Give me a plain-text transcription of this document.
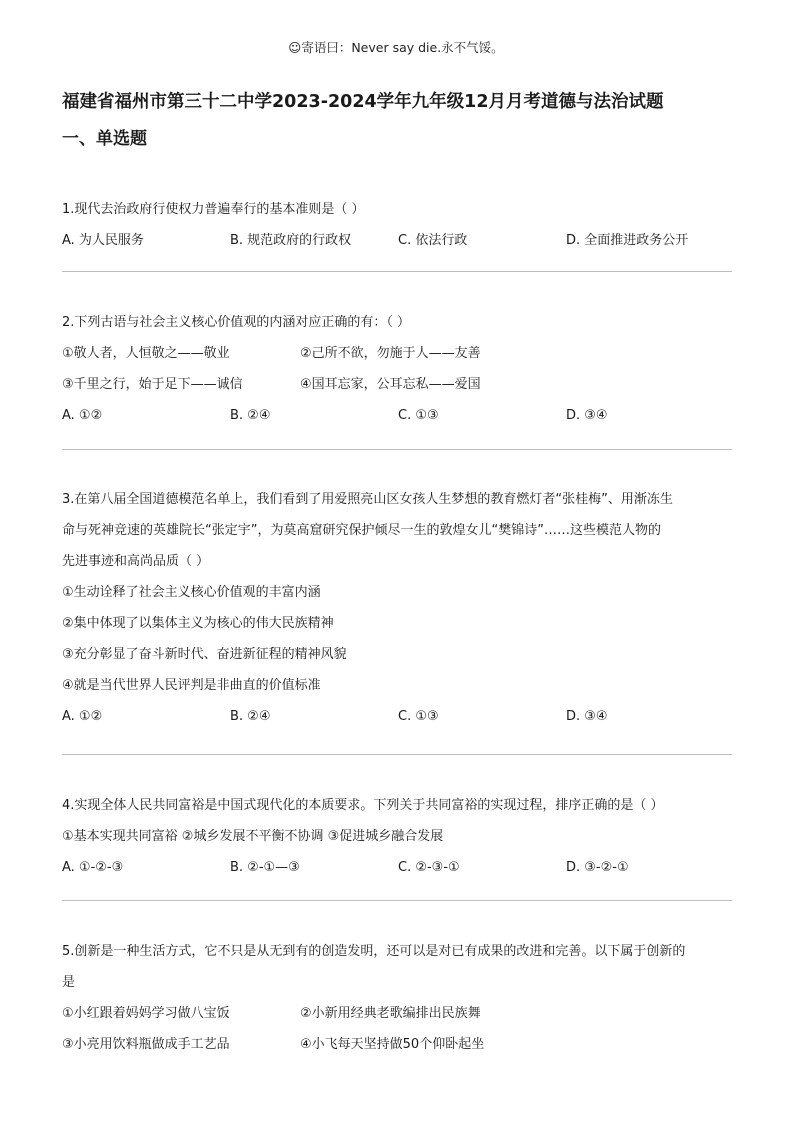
☺寄语曰：Never say die.永不气馁。
福建省福州市第三十二中学2023-2024学年九年级12月月考道德与法治试题
一、单选题
1.现代去治政府行使权力普遍奉行的基本准则是（ ）
A. 为人民服务	B. 规范政府的行政权	C. 依法行政	D. 全面推进政务公开
2.下列古语与社会主义核心价值观的内涵对应正确的有：（ ）
①敬人者，人恒敬之——敬业	②己所不欲，勿施于人——友善
③千里之行，始于足下——诚信	④国耳忘家，公耳忘私——爱国
A. ①②	B. ②④	C. ①③	D. ③④
3.在第八届全国道德模范名单上，我们看到了用爱照亮山区女孩人生梦想的教育燃灯者“张桂梅”、用渐冻生
命与死神竞速的英雄院长“张定宇”，为莫高窟研究保护倾尽一生的敦煌女儿“樊锦诗”……这些模范人物的
先进事迹和高尚品质（ ）
①生动诠释了社会主义核心价值观的丰富内涵
②集中体现了以集体主义为核心的伟大民族精神
③充分彰显了奋斗新时代、奋进新征程的精神风貌
④就是当代世界人民评判是非曲直的价值标准
A. ①②	B. ②④	C. ①③	D. ③④
4.实现全体人民共同富裕是中国式现代化的本质要求。下列关于共同富裕的实现过程，排序正确的是（ ）
①基本实现共同富裕 ②城乡发展不平衡不协调 ③促进城乡融合发展
A. ①-②-③	B. ②-①—③	C. ②-③-①	D. ③-②-①
5.创新是一种生活方式，它不只是从无到有的创造发明，还可以是对已有成果的改进和完善。以下属于创新的
是
①小红跟着妈妈学习做八宝饭	②小新用经典老歌编排出民族舞
③小亮用饮料瓶做成手工艺品	④小飞每天坚持做50个仰卧起坐
